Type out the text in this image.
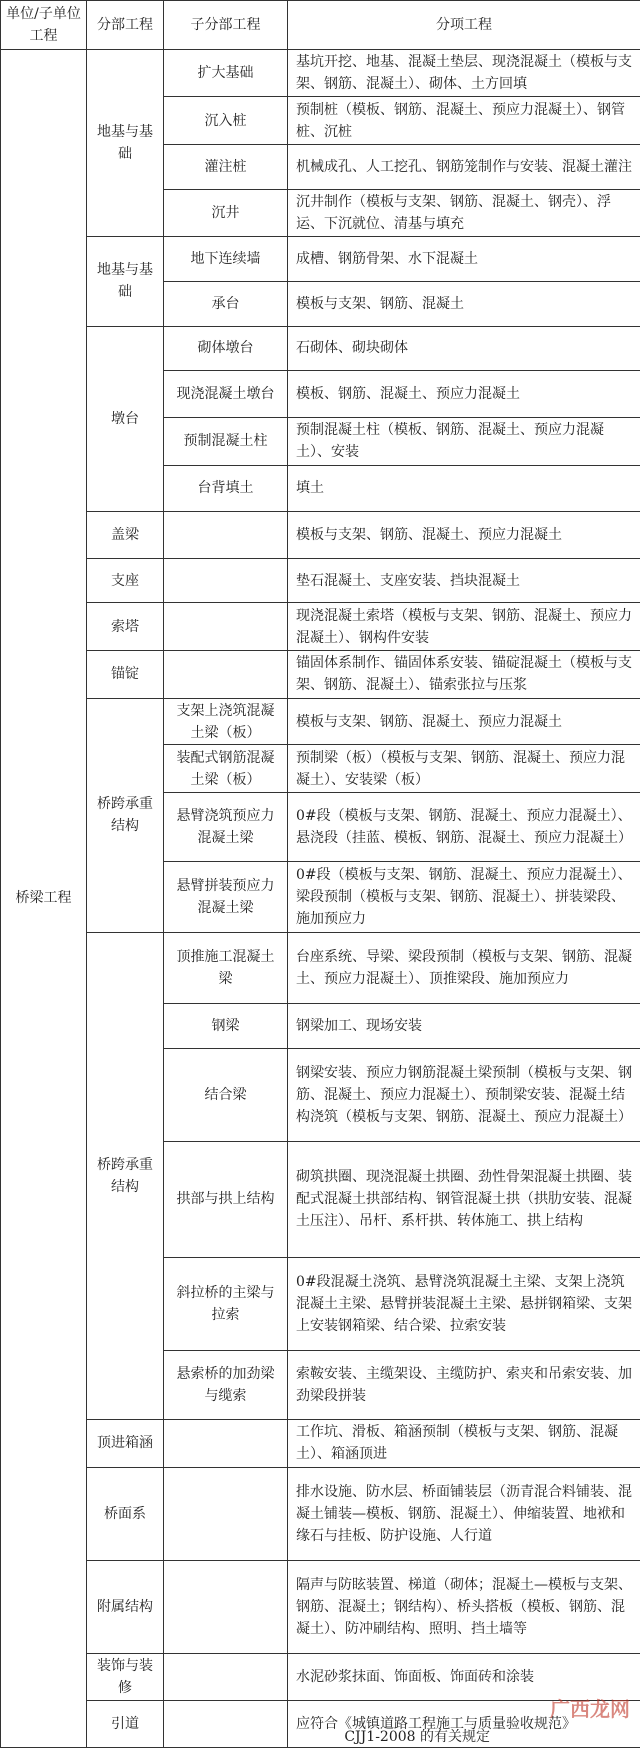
单位/子单位工程	分部工程	子分部工程	分项工程
桥梁工程	地基与基础	扩大基础	基坑开挖、地基、混凝土垫层、现浇混凝土（模板与支架、钢筋、混凝土）、砌体、土方回填
		沉入桩	预制桩（模板、钢筋、混凝土、预应力混凝土）、钢管桩、沉桩
		灌注桩	机械成孔、人工挖孔、钢筋笼制作与安装、混凝土灌注
		沉井	沉井制作（模板与支架、钢筋、混凝土、钢壳）、浮运、下沉就位、清基与填充
	地基与基础	地下连续墙	成槽、钢筋骨架、水下混凝土
		承台	模板与支架、钢筋、混凝土
	墩台	砌体墩台	石砌体、砌块砌体
		现浇混凝土墩台	模板、钢筋、混凝土、预应力混凝土
		预制混凝土柱	预制混凝土柱（模板、钢筋、混凝土、预应力混凝土）、安装
		台背填土	填土
	盖梁		模板与支架、钢筋、混凝土、预应力混凝土
	支座		垫石混凝土、支座安装、挡块混凝土
	索塔		现浇混凝土索塔（模板与支架、钢筋、混凝土、预应力混凝土）、钢构件安装
	锚锭		锚固体系制作、锚固体系安装、锚碇混凝土（模板与支架、钢筋、混凝土）、锚索张拉与压浆
	桥跨承重结构	支架上浇筑混凝土梁（板）	模板与支架、钢筋、混凝土、预应力混凝土
		装配式钢筋混凝土梁（板）	预制梁（板）（模板与支架、钢筋、混凝土、预应力混凝土）、安装梁（板）
		悬臂浇筑预应力混凝土梁	0#段（模板与支架、钢筋、混凝土、预应力混凝土）、悬浇段（挂蓝、模板、钢筋、混凝土、预应力混凝土）
		悬臂拼装预应力混凝土梁	0#段（模板与支架、钢筋、混凝土、预应力混凝土）、梁段预制（模板与支架、钢筋、混凝土）、拼装梁段、施加预应力
	桥跨承重结构	顶推施工混凝土梁	台座系统、导梁、梁段预制（模板与支架、钢筋、混凝土、预应力混凝土）、顶推梁段、施加预应力
		钢梁	钢梁加工、现场安装
		结合梁	钢梁安装、预应力钢筋混凝土梁预制（模板与支架、钢筋、混凝土、预应力混凝土）、预制梁安装、混凝土结构浇筑（模板与支架、钢筋、混凝土、预应力混凝土）
		拱部与拱上结构	砌筑拱圈、现浇混凝土拱圈、劲性骨架混凝土拱圈、装配式混凝土拱部结构、钢管混凝土拱（拱肋安装、混凝土压注）、吊杆、系杆拱、转体施工、拱上结构
		斜拉桥的主梁与拉索	0#段混凝土浇筑、悬臂浇筑混凝土主梁、支架上浇筑混凝土主梁、悬臂拼装混凝土主梁、悬拼钢箱梁、支架上安装钢箱梁、结合梁、拉索安装
		悬索桥的加劲梁与缆索	索鞍安装、主缆架设、主缆防护、索夹和吊索安装、加劲梁段拼装
	顶进箱涵		工作坑、滑板、箱涵预制（模板与支架、钢筋、混凝土）、箱涵顶进
	桥面系		排水设施、防水层、桥面铺装层（沥青混合料铺装、混凝土铺装—模板、钢筋、混凝土）、伸缩装置、地袱和缘石与挂板、防护设施、人行道
	附属结构		隔声与防眩装置、梯道（砌体；混凝土—模板与支架、钢筋、混凝土；钢结构）、桥头搭板（模板、钢筋、混凝土）、防冲刷结构、照明、挡土墙等
	装饰与装修		水泥砂浆抹面、饰面板、饰面砖和涂装
	引道		应符合《城镇道路工程施工与质量验收规范》
CJJ1-2008 的有关规定
广西龙网
